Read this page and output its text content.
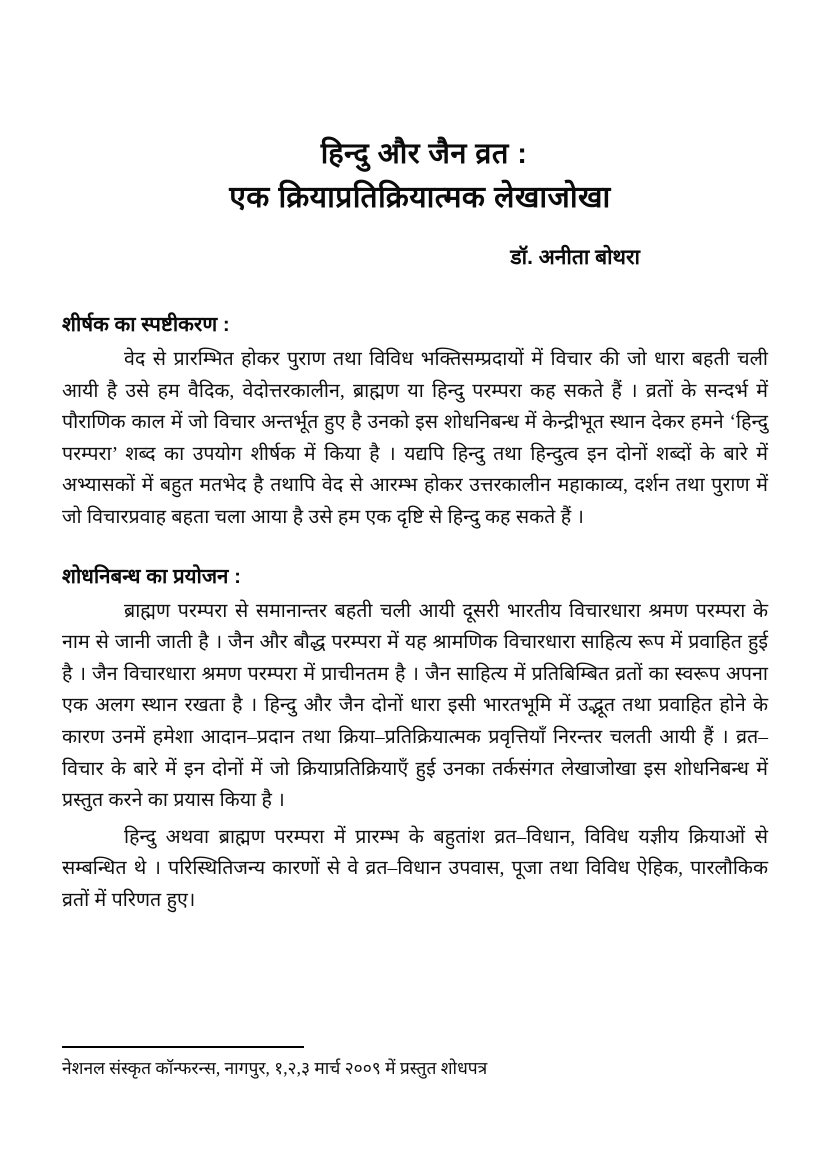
हिन्दु और जैन व्रत :
एक क्रियाप्रतिक्रियात्मक लेखाजोखा
डॉ. अनीता बोथरा
शीर्षक का स्पष्टीकरण :

वेद से प्रारम्भित होकर पुराण तथा विविध भक्तिसम्प्रदायों में विचार की जो धारा बहती चली आयी है उसे हम वैदिक, वेदोत्तरकालीन, ब्राह्मण या हिन्दु परम्परा कह सकते हैं । व्रतों के सन्दर्भ में पौराणिक काल में जो विचार अन्तर्भूत हुए है उनको इस शोधनिबन्ध में केन्द्रीभूत स्थान देकर हमने ‘हिन्दु परम्परा’ शब्द का उपयोग शीर्षक में किया है । यद्यपि हिन्दु तथा हिन्दुत्व इन दोनों शब्दों के बारे में अभ्यासकों में बहुत मतभेद है तथापि वेद से आरम्भ होकर उत्तरकालीन महाकाव्य, दर्शन तथा पुराण में जो विचारप्रवाह बहता चला आया है उसे हम एक दृष्टि से हिन्दु कह सकते हैं ।

शोधनिबन्ध का प्रयोजन :

ब्राह्मण परम्परा से समानान्तर बहती चली आयी दूसरी भारतीय विचारधारा श्रमण परम्परा के नाम से जानी जाती है । जैन और बौद्ध परम्परा में यह श्रामणिक विचारधारा साहित्य रूप में प्रवाहित हुई है । जैन विचारधारा श्रमण परम्परा में प्राचीनतम है । जैन साहित्य में प्रतिबिम्बित व्रतों का स्वरूप अपना एक अलग स्थान रखता है । हिन्दु और जैन दोनों धारा इसी भारतभूमि में उद्भूत तथा प्रवाहित होने के कारण उनमें हमेशा आदान–प्रदान तथा क्रिया–प्रतिक्रियात्मक प्रवृत्तियाँ निरन्तर चलती आयी हैं । व्रत–विचार के बारे में इन दोनों में जो क्रियाप्रतिक्रियाएँ हुई उनका तर्कसंगत लेखाजोखा इस शोधनिबन्ध में प्रस्तुत करने का प्रयास किया है ।

हिन्दु अथवा ब्राह्मण परम्परा में प्रारम्भ के बहुतांश व्रत–विधान, विविध यज्ञीय क्रियाओं से सम्बन्धित थे । परिस्थितिजन्य कारणों से वे व्रत–विधान उपवास, पूजा तथा विविध ऐहिक, पारलौकिक व्रतों में परिणत हुए।

नेशनल संस्कृत कॉन्फरन्स, नागपुर, १,२,३ मार्च २००९ में प्रस्तुत शोधपत्र
